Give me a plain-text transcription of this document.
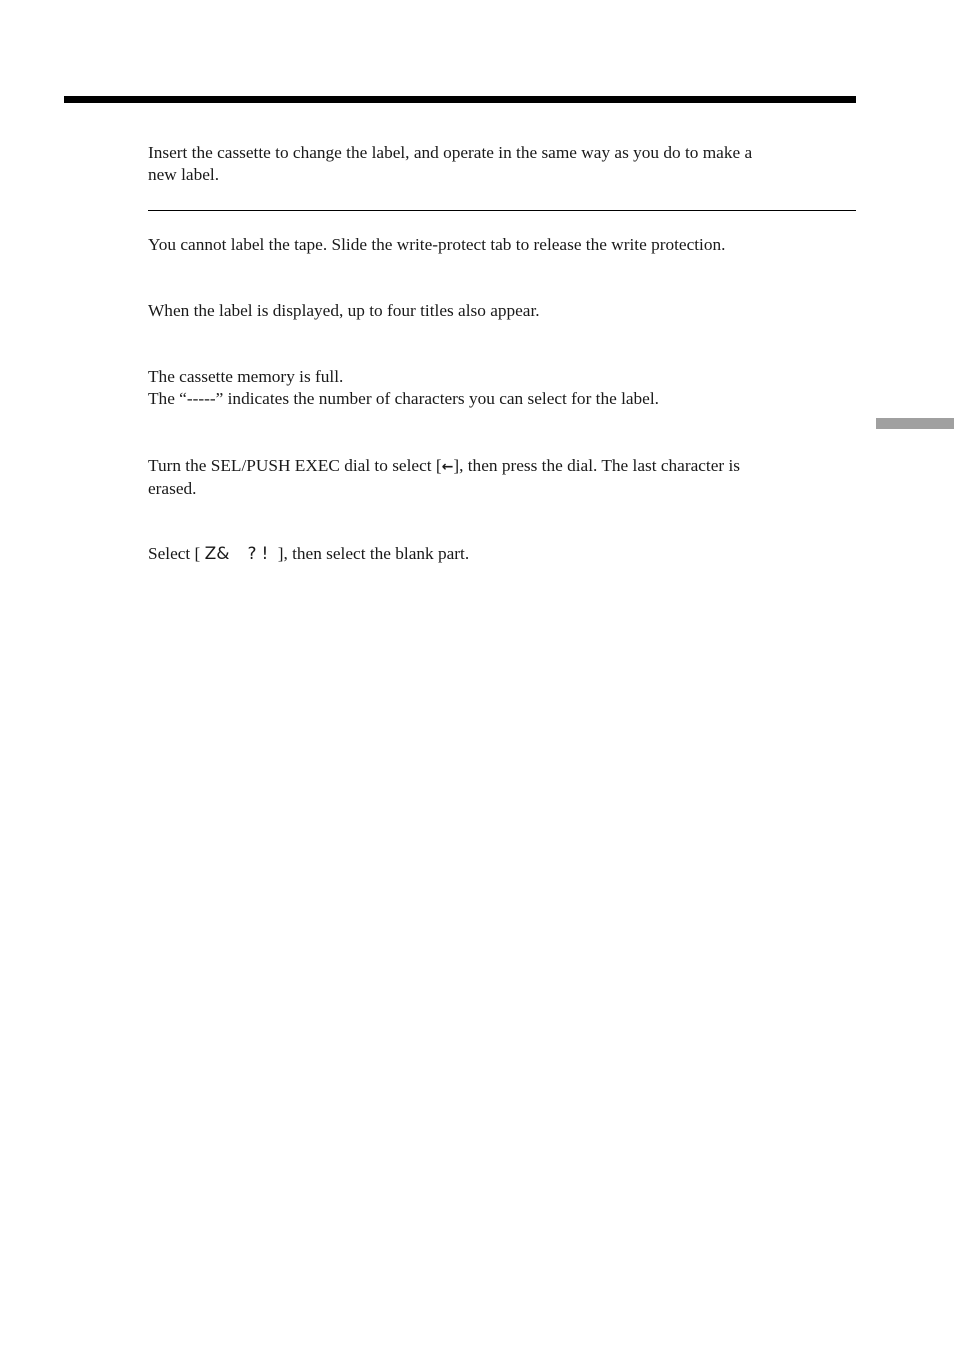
Insert the cassette to change the label, and operate in the same way as you do to make a
new label.

You cannot label the tape. Slide the write-protect tab to release the write protection.

When the label is displayed, up to four titles also appear.

The cassette memory is full.
The “-----” indicates the number of characters you can select for the label.

Turn the SEL/PUSH EXEC dial to select [←], then press the dial. The last character is
erased.

Select [ Z& ?! ], then select the blank part.
